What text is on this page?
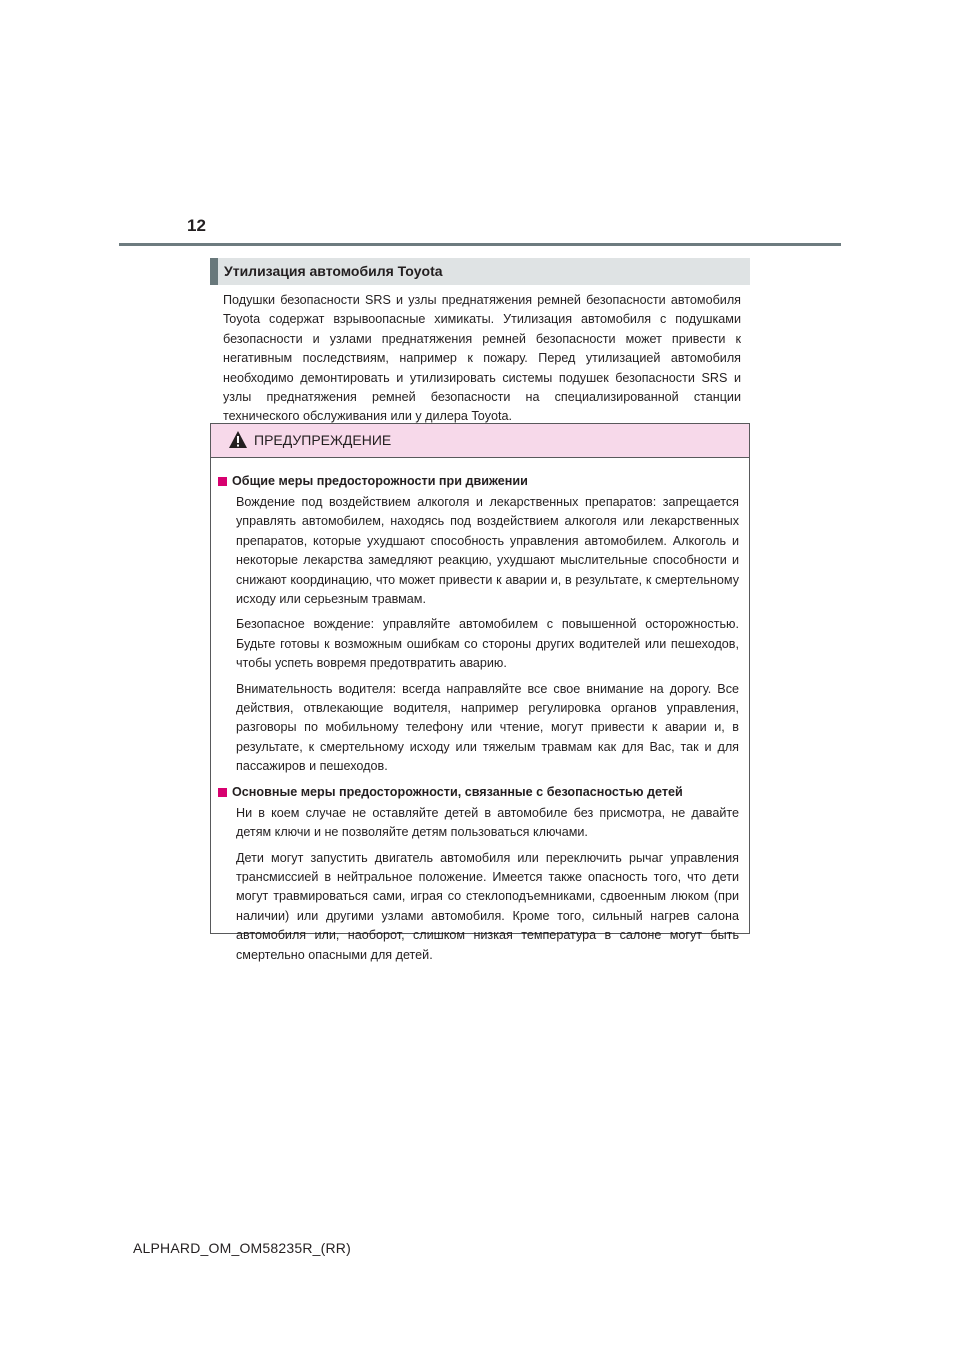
12
Утилизация автомобиля Toyota

Подушки безопасности SRS и узлы преднатяжения ремней безопасности автомобиля Toyota содержат взрывоопасные химикаты. Утилизация автомобиля с подушками безопасности и узлами преднатяжения ремней безопасности может привести к негативным последствиям, например к пожару. Перед утилизацией автомобиля необходимо демонтировать и утилизировать системы подушек безопасности SRS и узлы преднатяжения ремней безопасности на специализированной станции технического обслуживания или у дилера Toyota.

ПРЕДУПРЕЖДЕНИЕ
Общие меры предосторожности при движении

Вождение под воздействием алкоголя и лекарственных препаратов: запрещается управлять автомобилем, находясь под воздействием алкоголя или лекарственных препаратов, которые ухудшают способность управления автомобилем. Алкоголь и некоторые лекарства замедляют реакцию, ухудшают мыслительные способности и снижают координацию, что может привести к аварии и, в результате, к смертельному исходу или серьезным травмам.

Безопасное вождение: управляйте автомобилем с повышенной осторожностью. Будьте готовы к возможным ошибкам со стороны других водителей или пешеходов, чтобы успеть вовремя предотвратить аварию.

Внимательность водителя: всегда направляйте все свое внимание на дорогу. Все действия, отвлекающие водителя, например регулировка органов управления, разговоры по мобильному телефону или чтение, могут привести к аварии и, в результате, к смертельному исходу или тяжелым травмам как для Вас, так и для пассажиров и пешеходов.

Основные меры предосторожности, связанные с безопасностью детей

Ни в коем случае не оставляйте детей в автомобиле без присмотра, не давайте детям ключи и не позволяйте детям пользоваться ключами.

Дети могут запустить двигатель автомобиля или переключить рычаг управления трансмиссией в нейтральное положение. Имеется также опасность того, что дети могут травмироваться сами, играя со стеклоподъемниками, сдвоенным люком (при наличии) или другими узлами автомобиля. Кроме того, сильный нагрев салона автомобиля или, наоборот, слишком низкая температура в салоне могут быть смертельно опасными для детей.

ALPHARD_OM_OM58235R_(RR)
